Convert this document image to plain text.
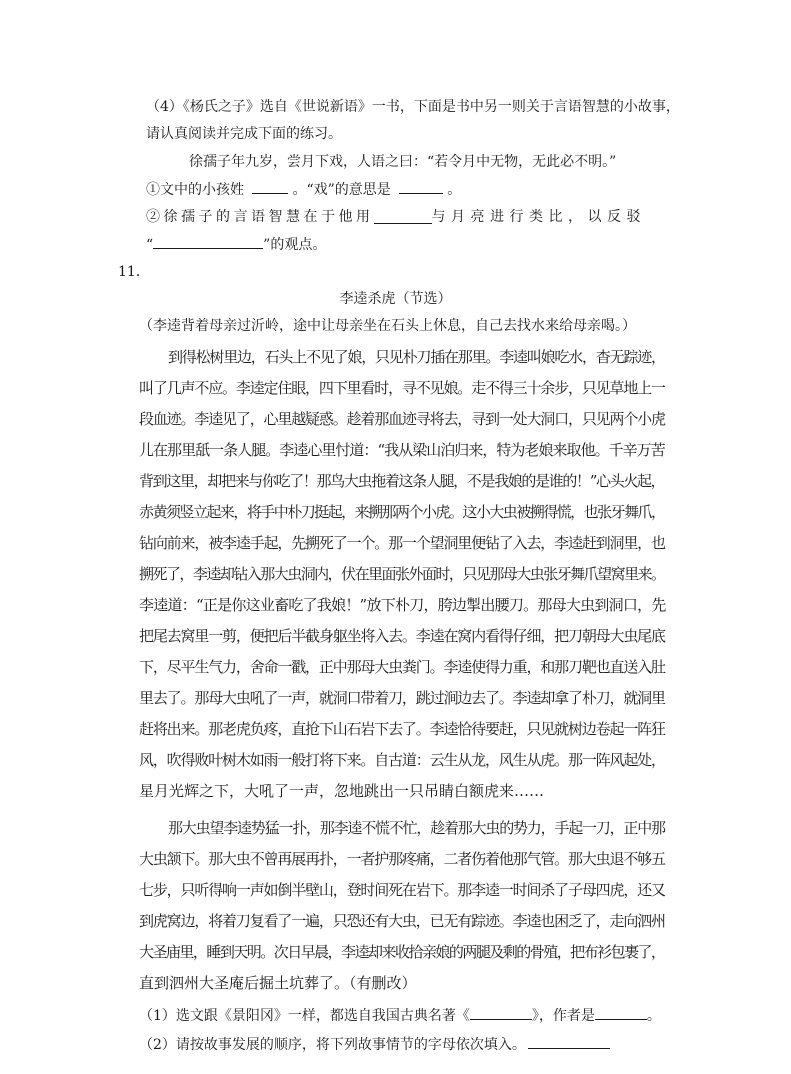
（4）《杨氏之子》选自《世说新语》一书，下面是书中另一则关于言语智慧的小故事，
请认真阅读并完成下面的练习。
徐孺子年九岁，尝月下戏，人语之曰：“若令月中无物，无此必不明。”
①文中的小孩姓	。“戏”的意思是	。
②徐孺子的言语智慧在于他用	与月亮进行类比，以反驳
“	”的观点。
11．
李逵杀虎（节选）
（李逵背着母亲过沂岭，途中让母亲坐在石头上休息，自己去找水来给母亲喝。）
到得松树里边，石头上不见了娘，只见朴刀插在那里。李逵叫娘吃水，杳无踪迹，
叫了几声不应。李逵定住眼，四下里看时，寻不见娘。走不得三十余步，只见草地上一
段血迹。李逵见了，心里越疑惑。趁着那血迹寻将去，寻到一处大洞口，只见两个小虎
儿在那里舐一条人腿。李逵心里忖道：“我从梁山泊归来，特为老娘来取他。千辛万苦
背到这里，却把来与你吃了！那鸟大虫拖着这条人腿，不是我娘的是谁的！”心头火起，
赤黄须竖立起来，将手中朴刀挺起，来搠那两个小虎。这小大虫被搠得慌，也张牙舞爪，
钻向前来，被李逵手起，先搠死了一个。那一个望洞里便钻了入去，李逵赶到洞里，也
搠死了，李逵却钻入那大虫洞内，伏在里面张外面时，只见那母大虫张牙舞爪望窝里来。
李逵道：“正是你这业畜吃了我娘！”放下朴刀，胯边掣出腰刀。那母大虫到洞口，先
把尾去窝里一剪，便把后半截身躯坐将入去。李逵在窝内看得仔细，把刀朝母大虫尾底
下，尽平生气力，舍命一戳，正中那母大虫粪门。李逵使得力重，和那刀靶也直送入肚
里去了。那母大虫吼了一声，就洞口带着刀，跳过涧边去了。李逵却拿了朴刀，就洞里
赶将出来。那老虎负疼，直抢下山石岩下去了。李逵恰待要赶，只见就树边卷起一阵狂
风，吹得败叶树木如雨一般打将下来。自古道：云生从龙，风生从虎。那一阵风起处，
星月光辉之下，大吼了一声，忽地跳出一只吊睛白额虎来……
那大虫望李逵势猛一扑，那李逵不慌不忙，趁着那大虫的势力，手起一刀，正中那
大虫颔下。那大虫不曾再展再扑，一者护那疼痛，二者伤着他那气管。那大虫退不够五
七步，只听得响一声如倒半壁山，登时间死在岩下。那李逵一时间杀了子母四虎，还又
到虎窝边，将着刀复看了一遍，只恐还有大虫，已无有踪迹。李逵也困乏了，走向泗州
大圣庙里，睡到天明。次日早晨，李逵却来收拾亲娘的两腿及剩的骨殖，把布衫包裹了，
直到泗州大圣庵后掘土坑葬了。（有删改）
（1）选文跟《景阳冈》一样，都选自我国古典名著《	》，作者是	。
（2）请按故事发展的顺序，将下列故事情节的字母依次填入。
